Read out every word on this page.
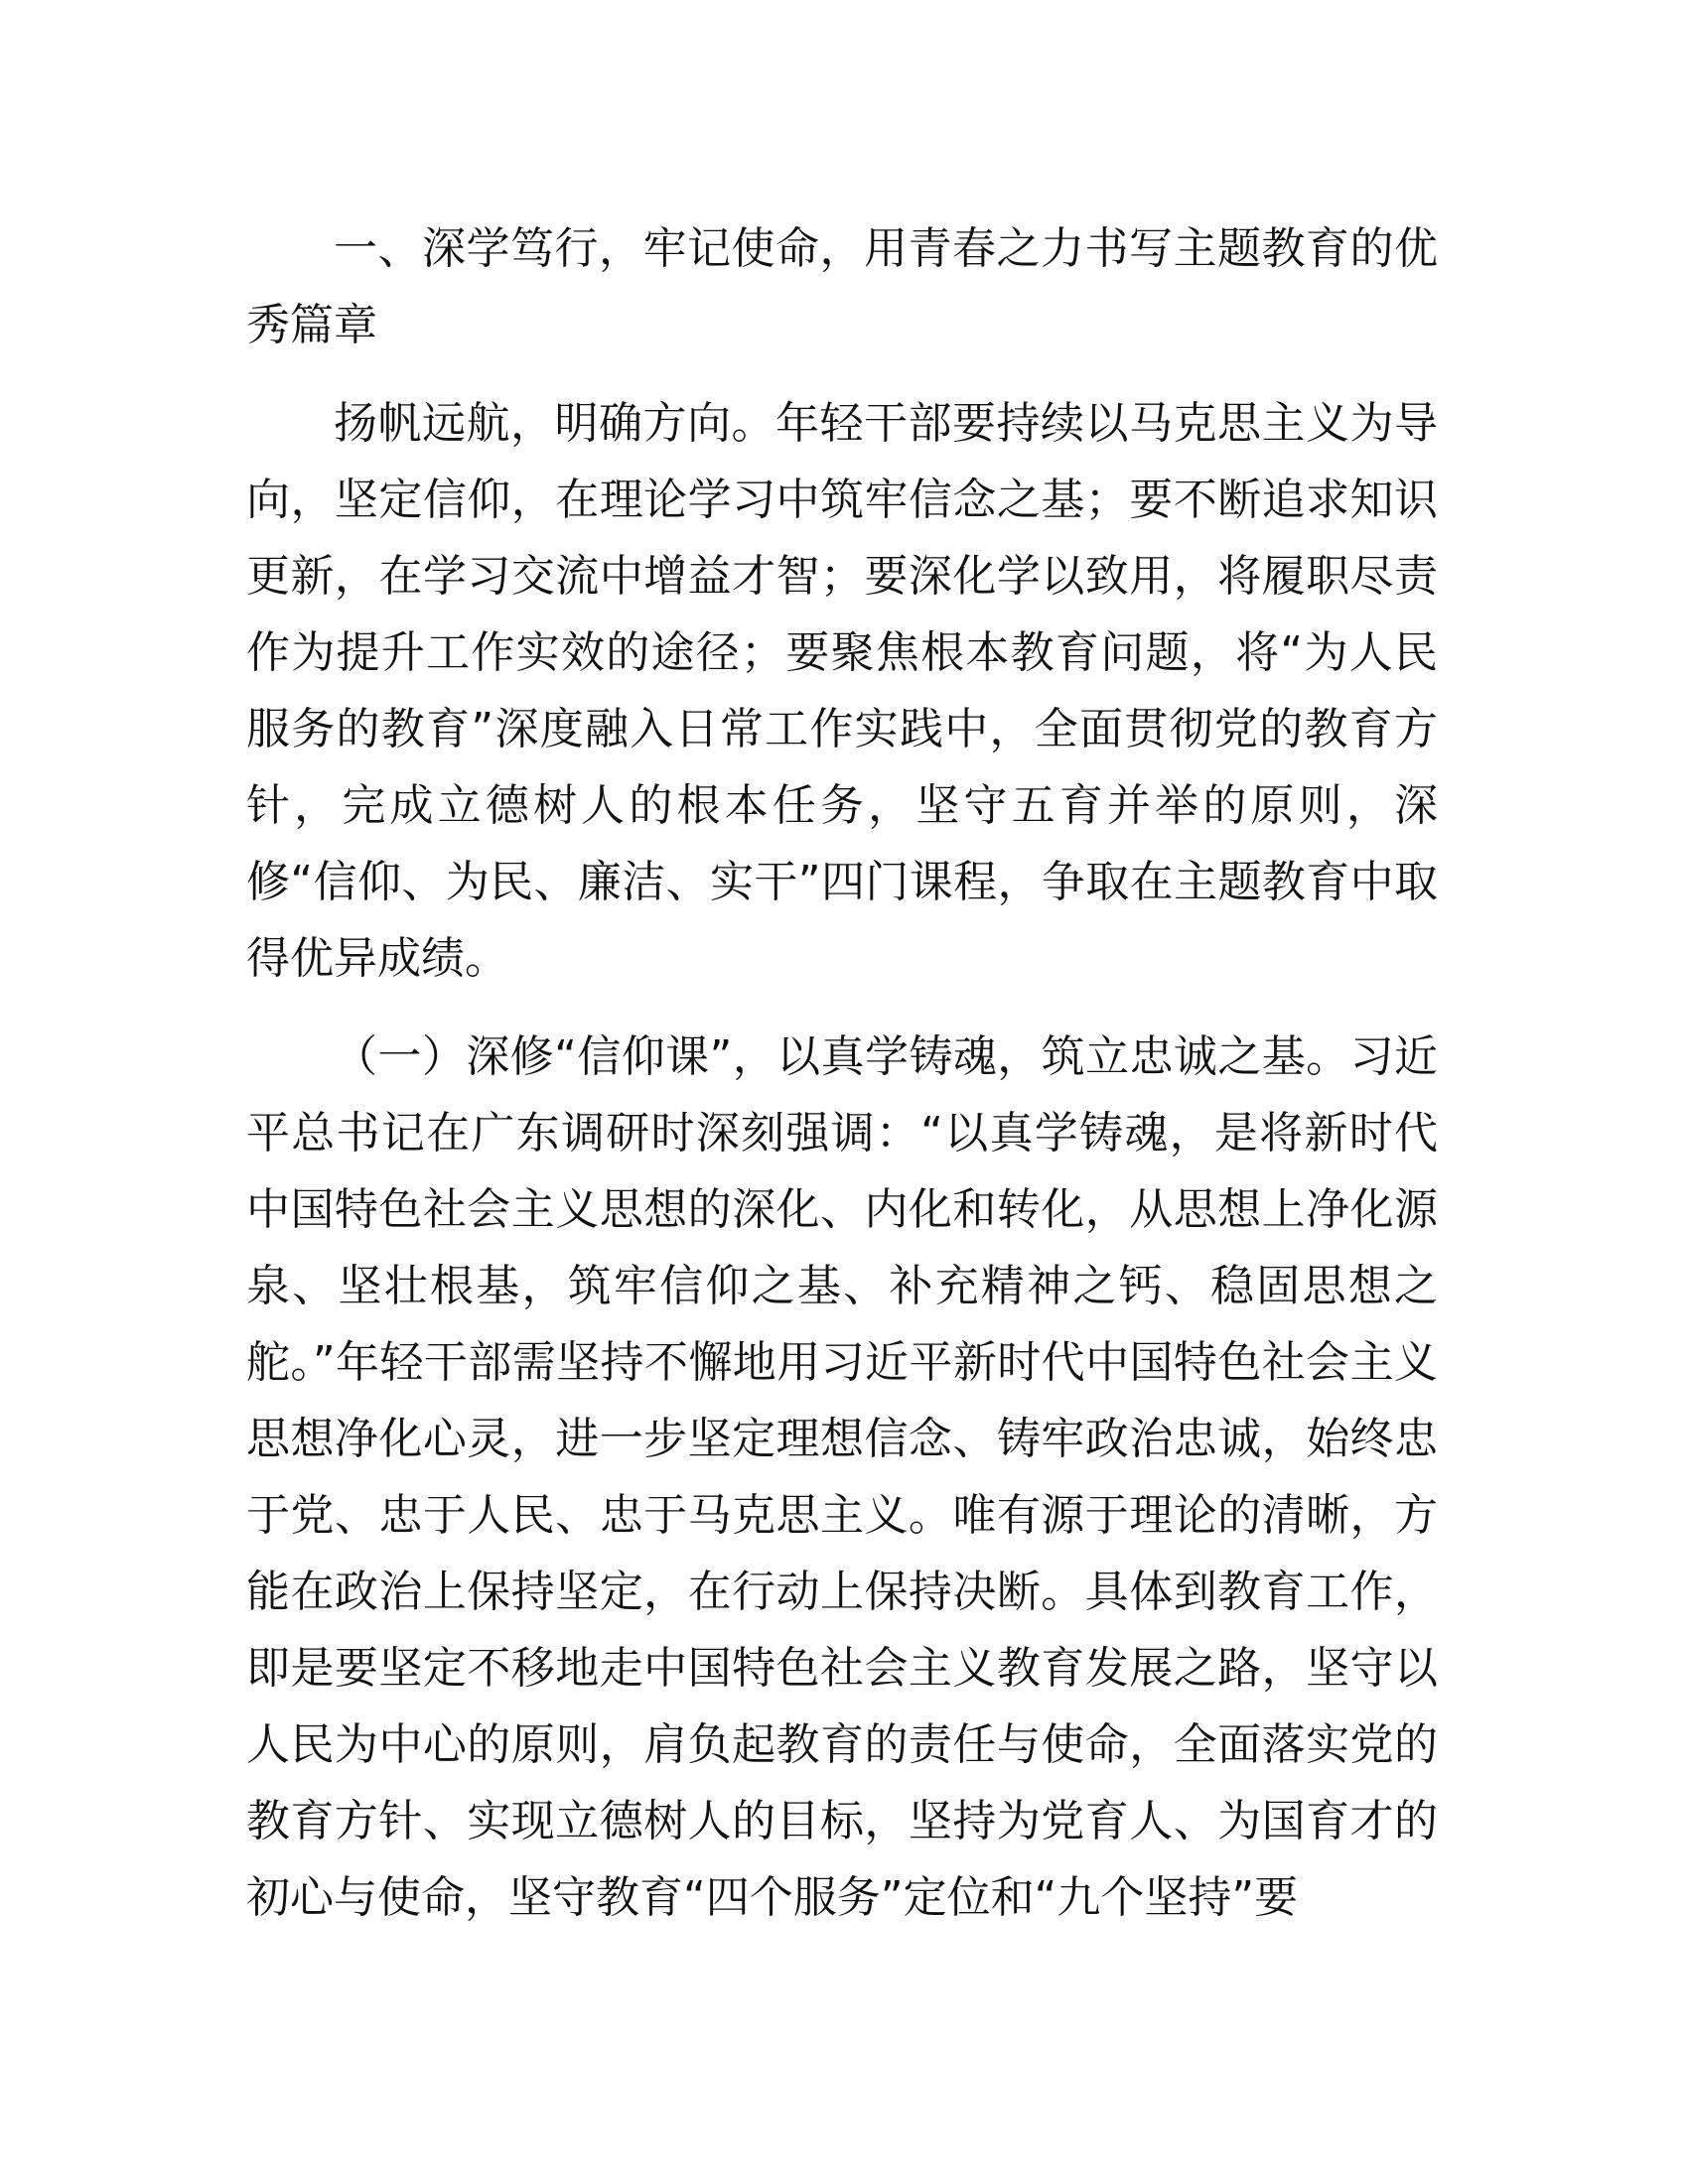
一、深学笃行，牢记使命，用青春之力书写主题教育的优秀篇章

扬帆远航，明确方向。年轻干部要持续以马克思主义为导向，坚定信仰，在理论学习中筑牢信念之基；要不断追求知识更新，在学习交流中增益才智；要深化学以致用，将履职尽责作为提升工作实效的途径；要聚焦根本教育问题，将“为人民服务的教育”深度融入日常工作实践中，全面贯彻党的教育方针，完成立德树人的根本任务，坚守五育并举的原则，深修“信仰、为民、廉洁、实干”四门课程，争取在主题教育中取得优异成绩。

（一）深修“信仰课”，以真学铸魂，筑立忠诚之基。习近平总书记在广东调研时深刻强调：“以真学铸魂，是将新时代中国特色社会主义思想的深化、内化和转化，从思想上净化源泉、坚壮根基，筑牢信仰之基、补充精神之钙、稳固思想之舵。”年轻干部需坚持不懈地用习近平新时代中国特色社会主义思想净化心灵，进一步坚定理想信念、铸牢政治忠诚，始终忠于党、忠于人民、忠于马克思主义。唯有源于理论的清晰，方能在政治上保持坚定，在行动上保持决断。具体到教育工作，即是要坚定不移地走中国特色社会主义教育发展之路，坚守以人民为中心的原则，肩负起教育的责任与使命，全面落实党的教育方针、实现立德树人的目标，坚持为党育人、为国育才的初心与使命，坚守教育“四个服务”定位和“九个坚持”要
